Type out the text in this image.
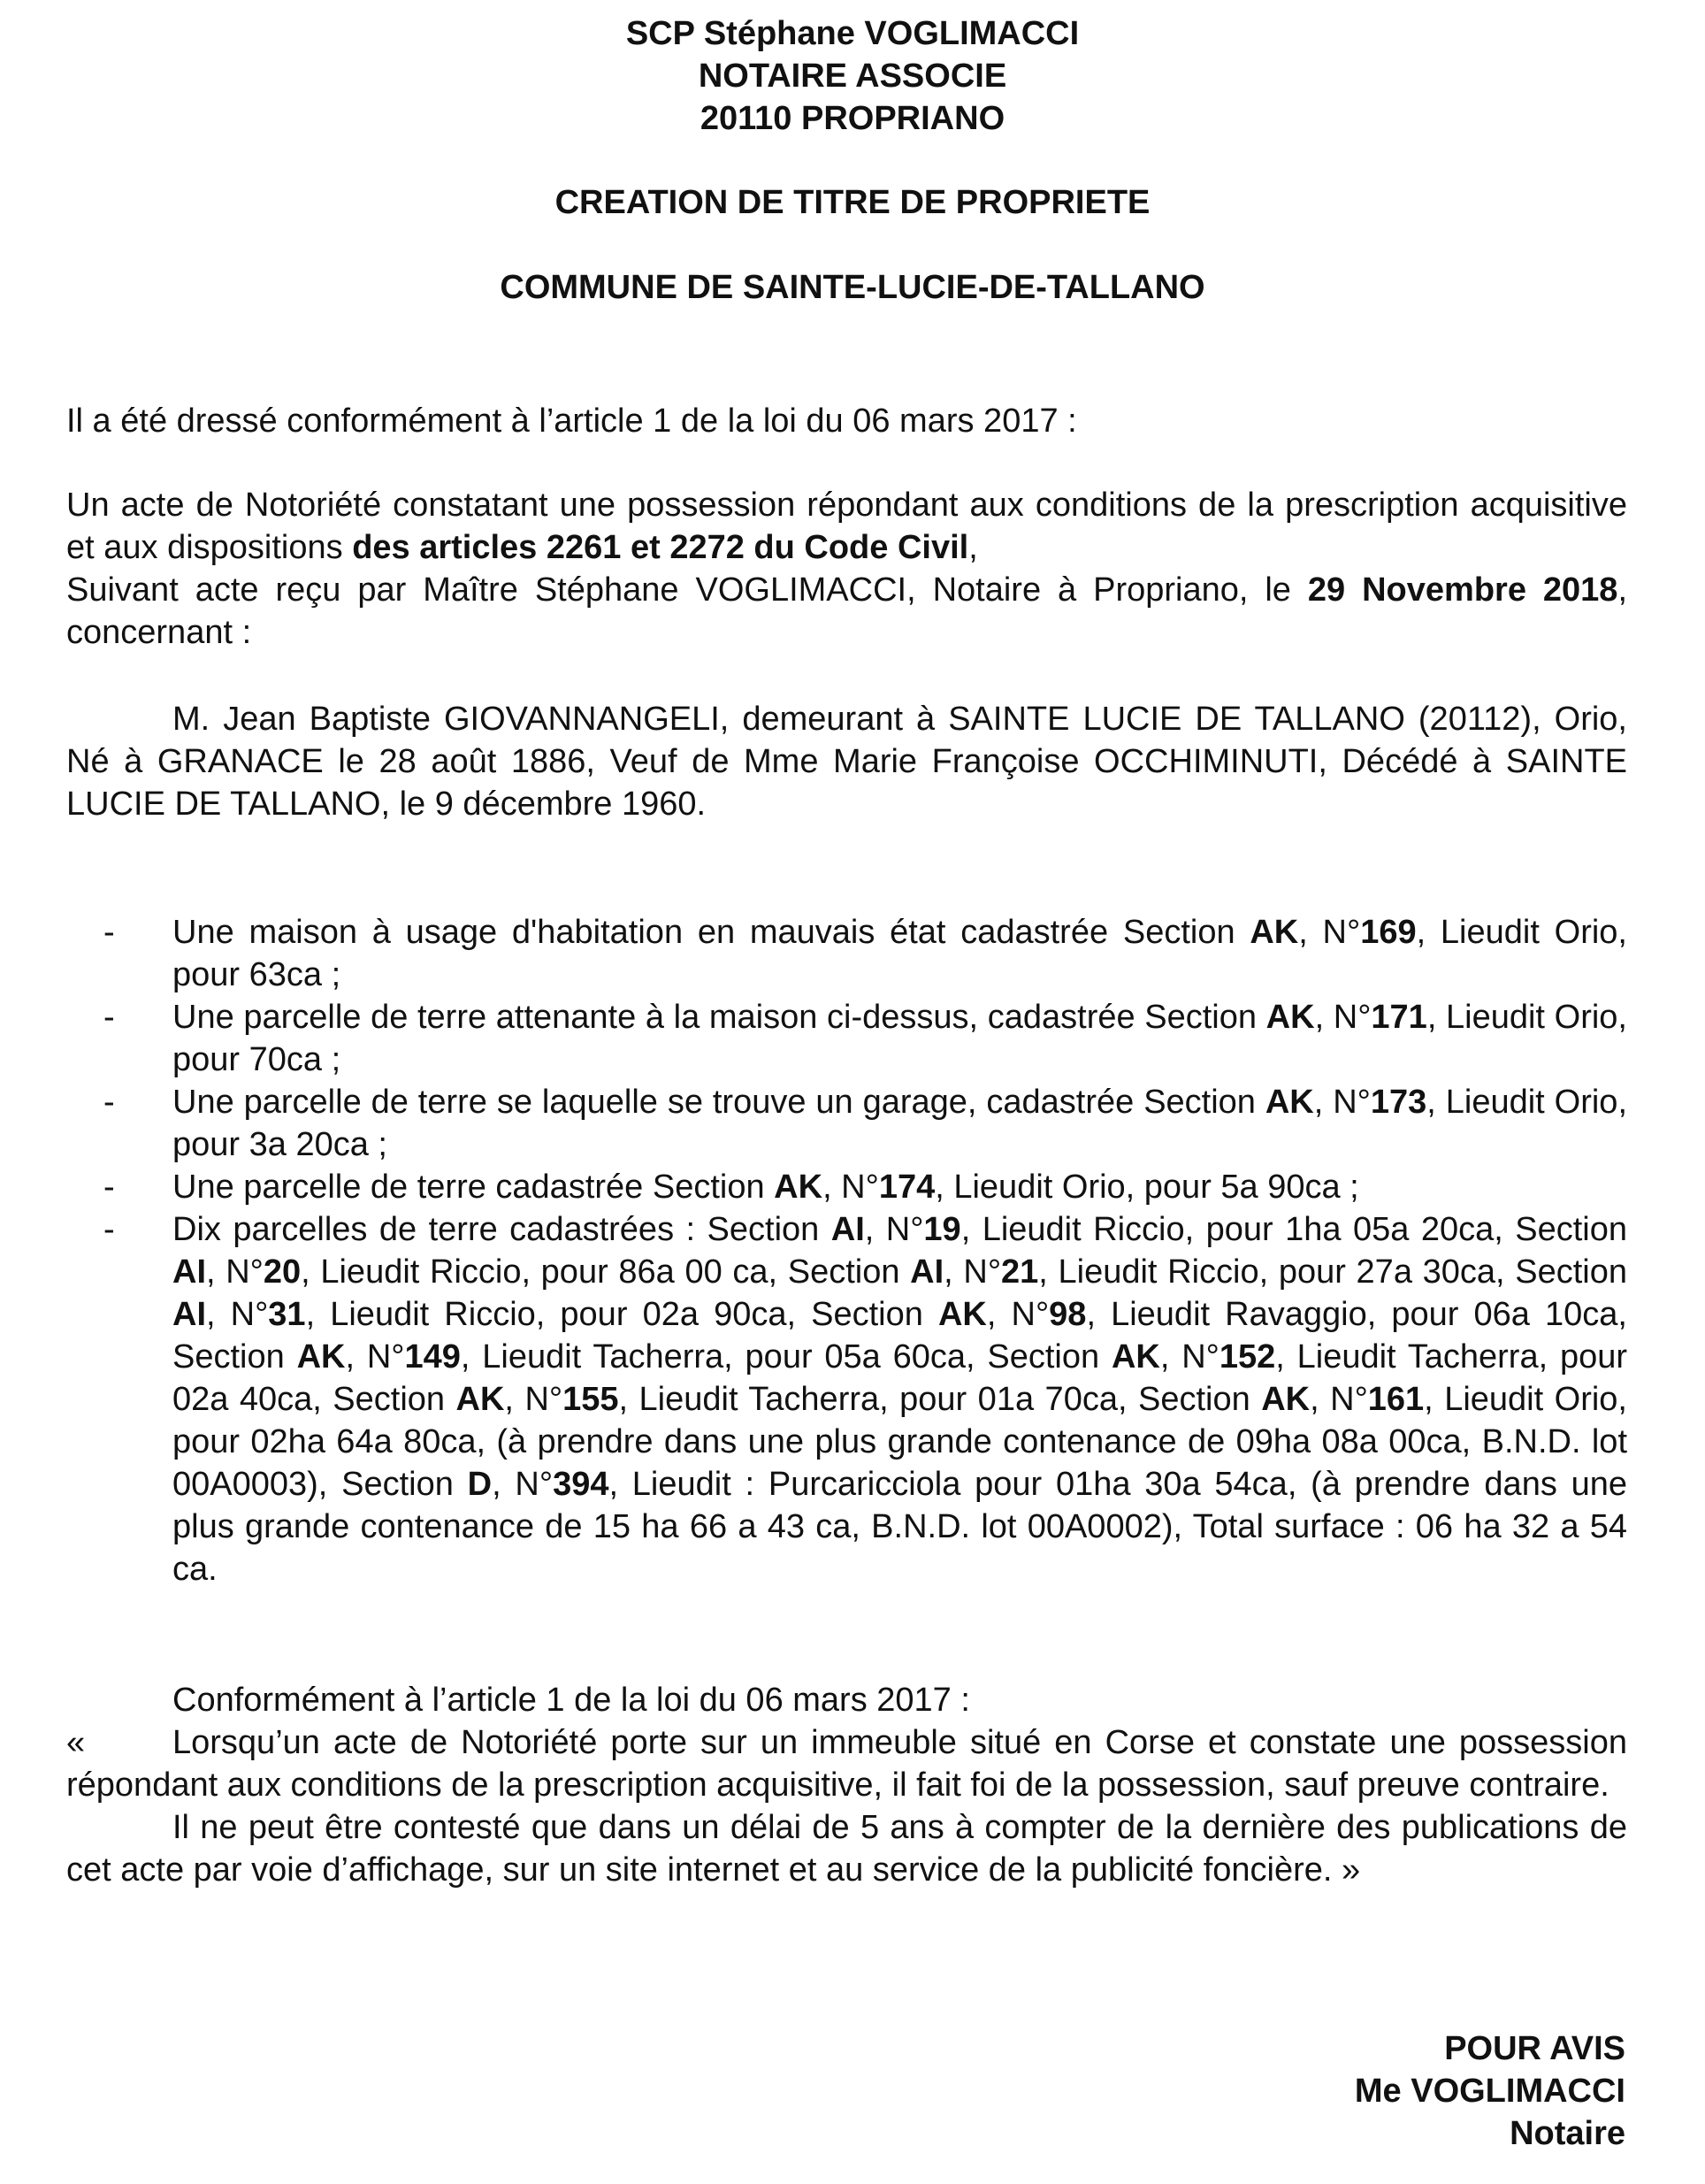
SCP Stéphane VOGLIMACCI
NOTAIRE ASSOCIE
20110 PROPRIANO
CREATION DE TITRE DE PROPRIETE
COMMUNE DE SAINTE-LUCIE-DE-TALLANO
Il a été dressé conformément à l’article 1 de la loi du 06 mars 2017 :
Un acte de Notoriété constatant une possession répondant aux conditions de la prescription acquisitive et aux dispositions des articles 2261 et 2272 du Code Civil,
Suivant acte reçu par Maître Stéphane VOGLIMACCI, Notaire à Propriano, le 29 Novembre 2018, concernant :
M. Jean Baptiste GIOVANNANGELI, demeurant à SAINTE LUCIE DE TALLANO (20112), Orio, Né à GRANACE le 28 août 1886, Veuf de Mme Marie Françoise OCCHIMINUTI, Décédé à SAINTE LUCIE DE TALLANO, le 9 décembre 1960.
- Une maison à usage d'habitation en mauvais état cadastrée Section AK, N°169, Lieudit Orio, pour 63ca ;
- Une parcelle de terre attenante à la maison ci-dessus, cadastrée Section AK, N°171, Lieudit Orio, pour 70ca ;
- Une parcelle de terre se laquelle se trouve un garage, cadastrée Section AK, N°173, Lieudit Orio, pour 3a 20ca ;
- Une parcelle de terre cadastrée Section AK, N°174, Lieudit Orio, pour 5a 90ca ;
- Dix parcelles de terre cadastrées : Section AI, N°19, Lieudit Riccio, pour 1ha 05a 20ca, Section AI, N°20, Lieudit Riccio, pour 86a 00 ca, Section AI, N°21, Lieudit Riccio, pour 27a 30ca, Section AI, N°31, Lieudit Riccio, pour 02a 90ca, Section AK, N°98, Lieudit Ravaggio, pour 06a 10ca, Section AK, N°149, Lieudit Tacherra, pour 05a 60ca, Section AK, N°152, Lieudit Tacherra, pour 02a 40ca, Section AK, N°155, Lieudit Tacherra, pour 01a 70ca, Section AK, N°161, Lieudit Orio, pour 02ha 64a 80ca, (à prendre dans une plus grande contenance de 09ha 08a 00ca, B.N.D. lot 00A0003), Section D, N°394, Lieudit : Purcaricciola pour 01ha 30a 54ca, (à prendre dans une plus grande contenance de 15 ha 66 a 43 ca, B.N.D. lot 00A0002), Total surface : 06 ha 32 a 54 ca.
Conformément à l’article 1 de la loi du 06 mars 2017 :
«	Lorsqu’un acte de Notoriété porte sur un immeuble situé en Corse et constate une possession répondant aux conditions de la prescription acquisitive, il fait foi de la possession, sauf preuve contraire.
Il ne peut être contesté que dans un délai de 5 ans à compter de la dernière des publications de cet acte par voie d’affichage, sur un site internet et au service de la publicité foncière. »
POUR AVIS
Me VOGLIMACCI
Notaire
